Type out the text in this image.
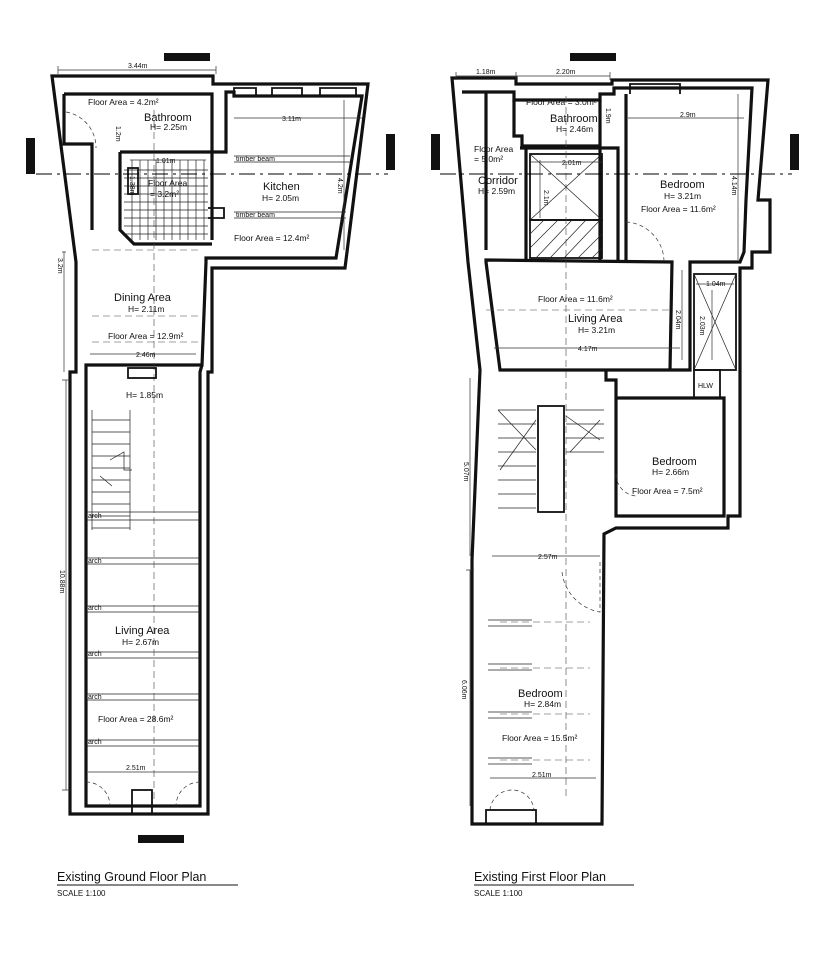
3.44m
Floor Area = 4.2m²
Bathroom
H= 2.25m
1.2m
3.11m
timber beam
1.01m
1.38m Floor Area
= 3.2m²
Kitchen
H= 2.05m
4.2m
timber beam
Floor Area = 12.4m²
3.2m
Dining Area
H= 2.11m
Floor Area = 12.9m²
2.46m
H= 1.85m
arch
arch
arch
arch
arch
arch
10.88m
Living Area
H= 2.67m
Floor Area = 28.6m²
2.51m
Existing Ground Floor Plan
SCALE 1:100
1.18m	2.20m
Floor Area = 3.0m²
Bathroom
H= 2.46m
1.9m	2.9m
Floor Area
= 5.0m²
Corridor
H= 2.59m
2.01m
2.1m
Bedroom
H= 3.21m
Floor Area = 11.6m²
4.14m
1.04m
2.03m
Floor Area = 11.6m²
Living Area
H= 3.21m
2.04m
4.17m
HLW
Bedroom
H= 2.66m
Floor Area = 7.5m²
5.07m
2.57m
6.06m	Bedroom
H= 2.84m
Floor Area = 15.5m²
2.51m
Existing First Floor Plan
SCALE 1:100
